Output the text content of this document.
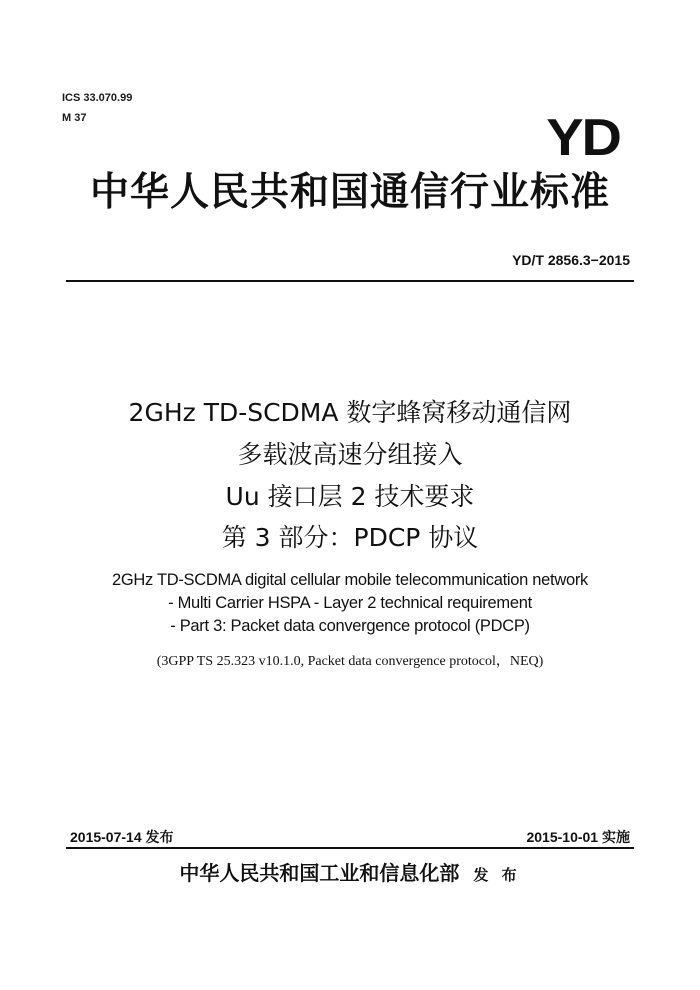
ICS 33.070.99
M 37	YD
中华人民共和国通信行业标准
YD/T 2856.3−2015
2GHz TD-SCDMA 数字蜂窝移动通信网
多载波高速分组接入
Uu 接口层 2 技术要求
第 3 部分：PDCP 协议
2GHz TD-SCDMA digital cellular mobile telecommunication network
- Multi Carrier HSPA - Layer 2 technical requirement
- Part 3: Packet data convergence protocol (PDCP)
(3GPP TS 25.323 v10.1.0, Packet data convergence protocol，NEQ)
2015-07-14 发布	2015-10-01 实施
中华人民共和国工业和信息化部 发 布
